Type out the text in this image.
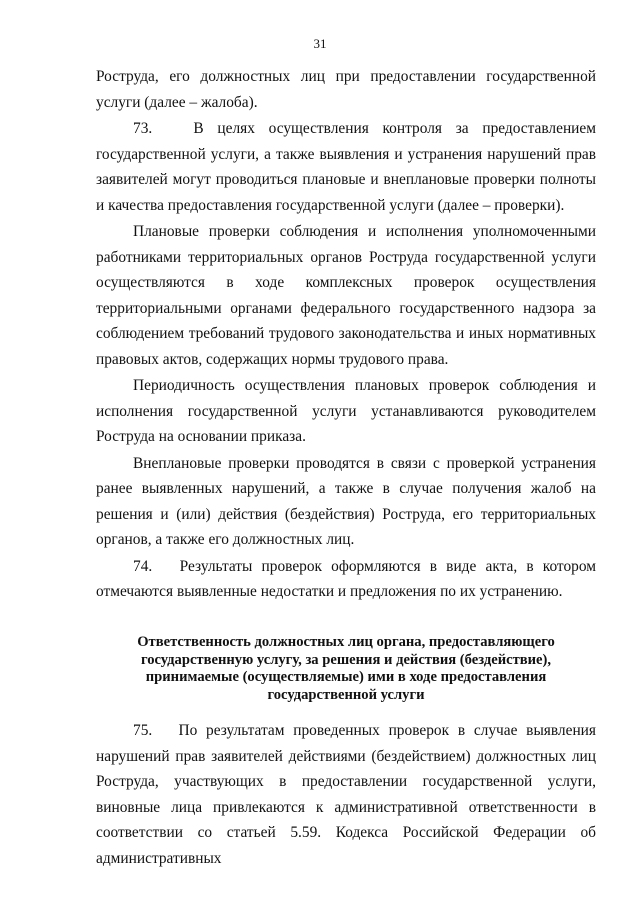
31

Роструда, его должностных лиц при предоставлении государственной услуги (далее – жалоба).

73.   В целях осуществления контроля за предоставлением государственной услуги, а также выявления и устранения нарушений прав заявителей могут проводиться плановые и внеплановые проверки полноты и качества предоставления государственной услуги (далее – проверки).

Плановые проверки соблюдения и исполнения уполномоченными работниками территориальных органов Роструда государственной услуги осуществляются в ходе комплексных проверок осуществления территориальными органами федерального государственного надзора за соблюдением требований трудового законодательства и иных нормативных правовых актов, содержащих нормы трудового права.

Периодичность осуществления плановых проверок соблюдения и исполнения государственной услуги устанавливаются руководителем Роструда на основании приказа.

Внеплановые проверки проводятся в связи с проверкой устранения ранее выявленных нарушений, а также в случае получения жалоб на решения и (или) действия (бездействия) Роструда, его территориальных органов, а также его должностных лиц.

74.   Результаты проверок оформляются в виде акта, в котором отмечаются выявленные недостатки и предложения по их устранению.

Ответственность должностных лиц органа, предоставляющего
государственную услугу, за решения и действия (бездействие),
принимаемые (осуществляемые) ими в ходе предоставления
государственной услуги

75.   По результатам проведенных проверок в случае выявления нарушений прав заявителей действиями (бездействием) должностных лиц Роструда, участвующих в предоставлении государственной услуги, виновные лица привлекаются к административной ответственности в соответствии со статьей 5.59. Кодекса Российской Федерации об административных
